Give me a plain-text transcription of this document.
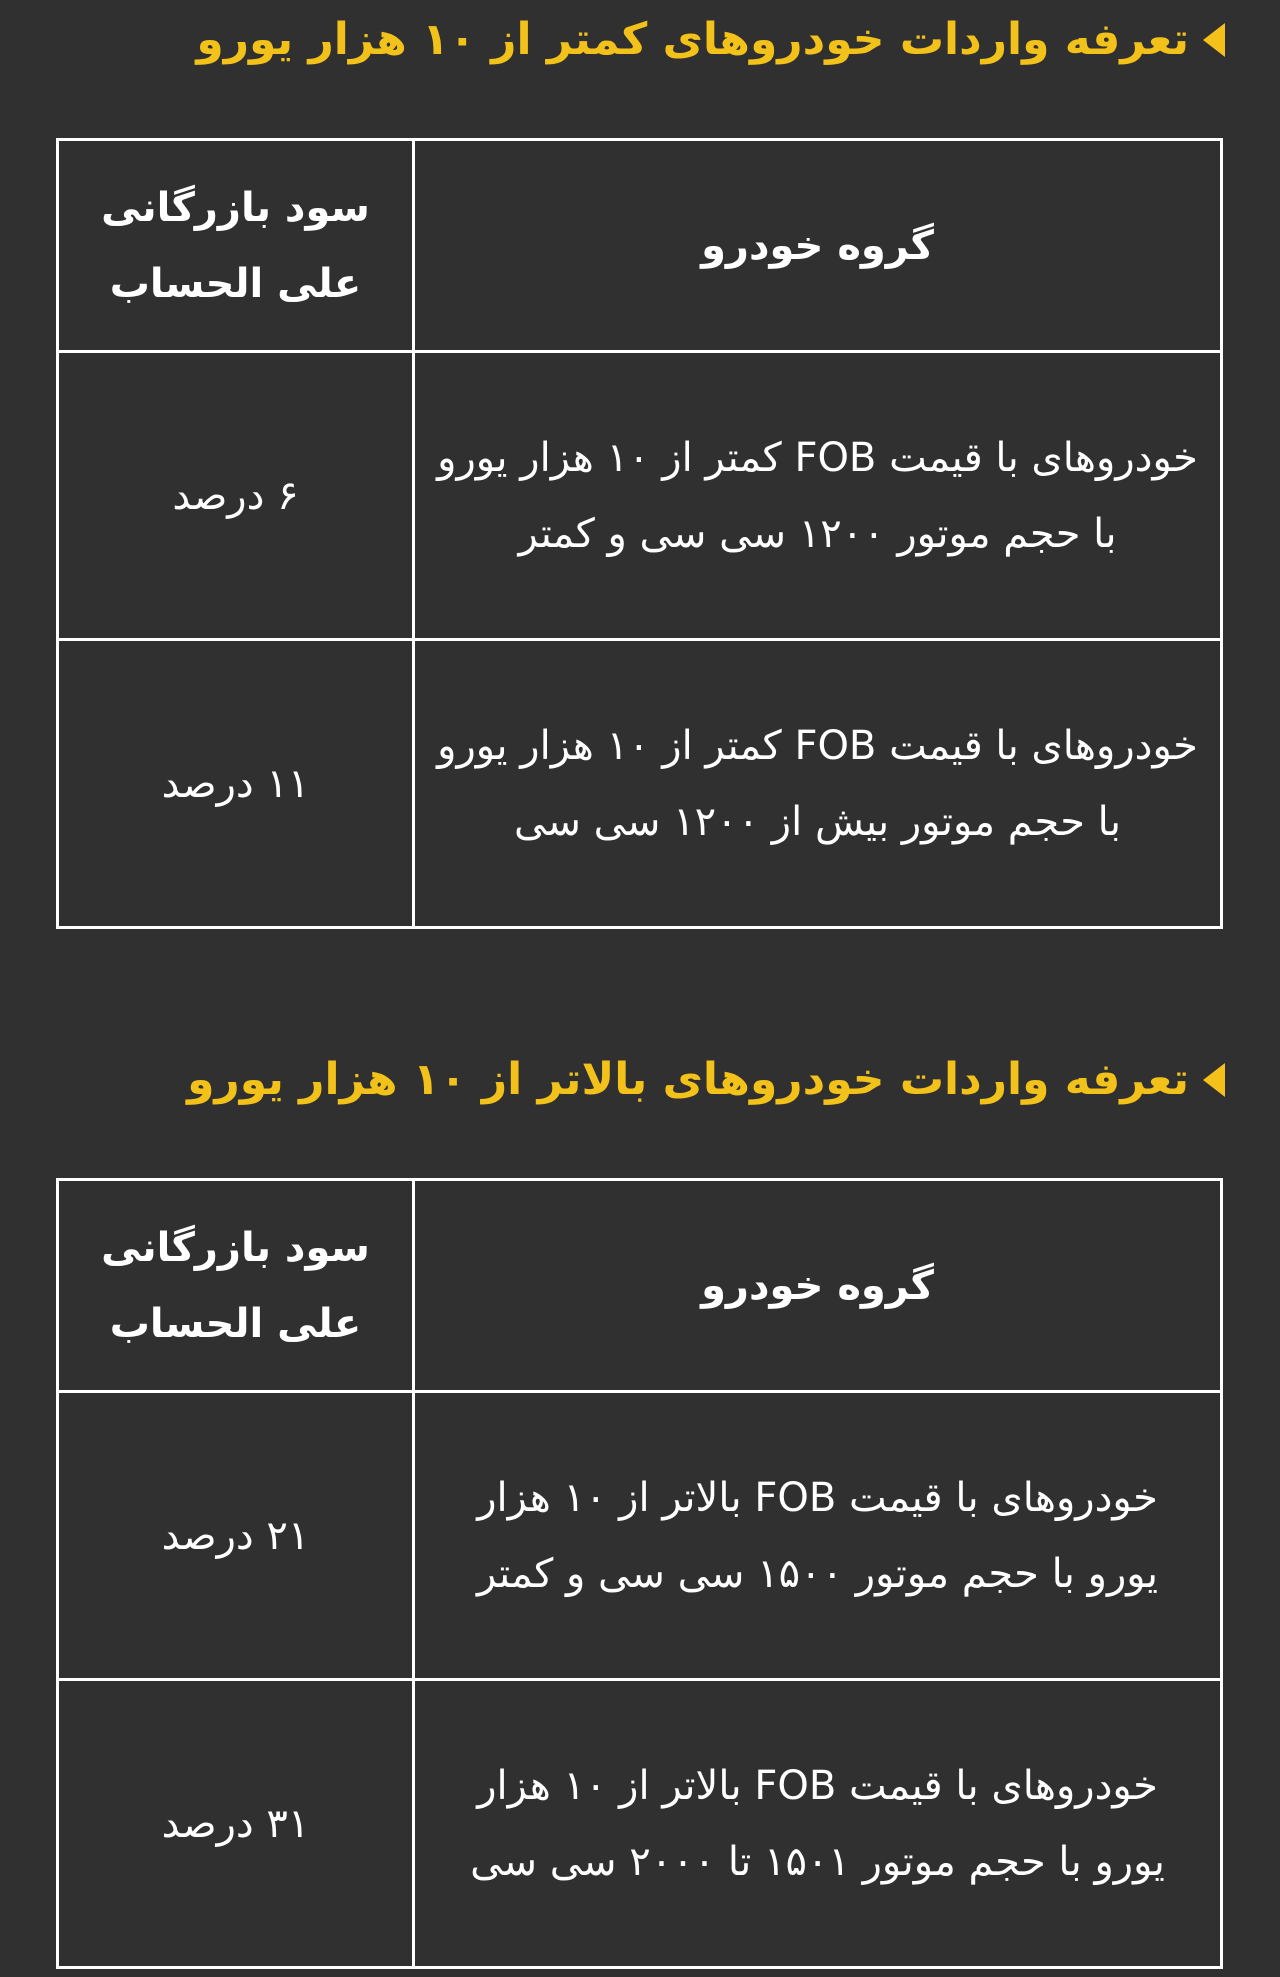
تعرفه واردات خودروهای کمتر از ۱۰ هزار یورو
گروه خودرو	سود بازرگانی علی الحساب
خودروهای با قیمت FOB کمتر از ۱۰ هزار یورو با حجم موتور ۱۲۰۰ سی سی و کمتر	۶ درصد
خودروهای با قیمت FOB کمتر از ۱۰ هزار یورو با حجم موتور بیش از ۱۲۰۰ سی سی	۱۱ درصد
تعرفه واردات خودروهای بالاتر از ۱۰ هزار یورو
گروه خودرو	سود بازرگانی علی الحساب
خودروهای با قیمت FOB بالاتر از ۱۰ هزار یورو با حجم موتور ۱۵۰۰ سی سی و کمتر	۲۱ درصد
خودروهای با قیمت FOB بالاتر از ۱۰ هزار یورو با حجم موتور ۱۵۰۱ تا ۲۰۰۰ سی سی	۳۱ درصد
